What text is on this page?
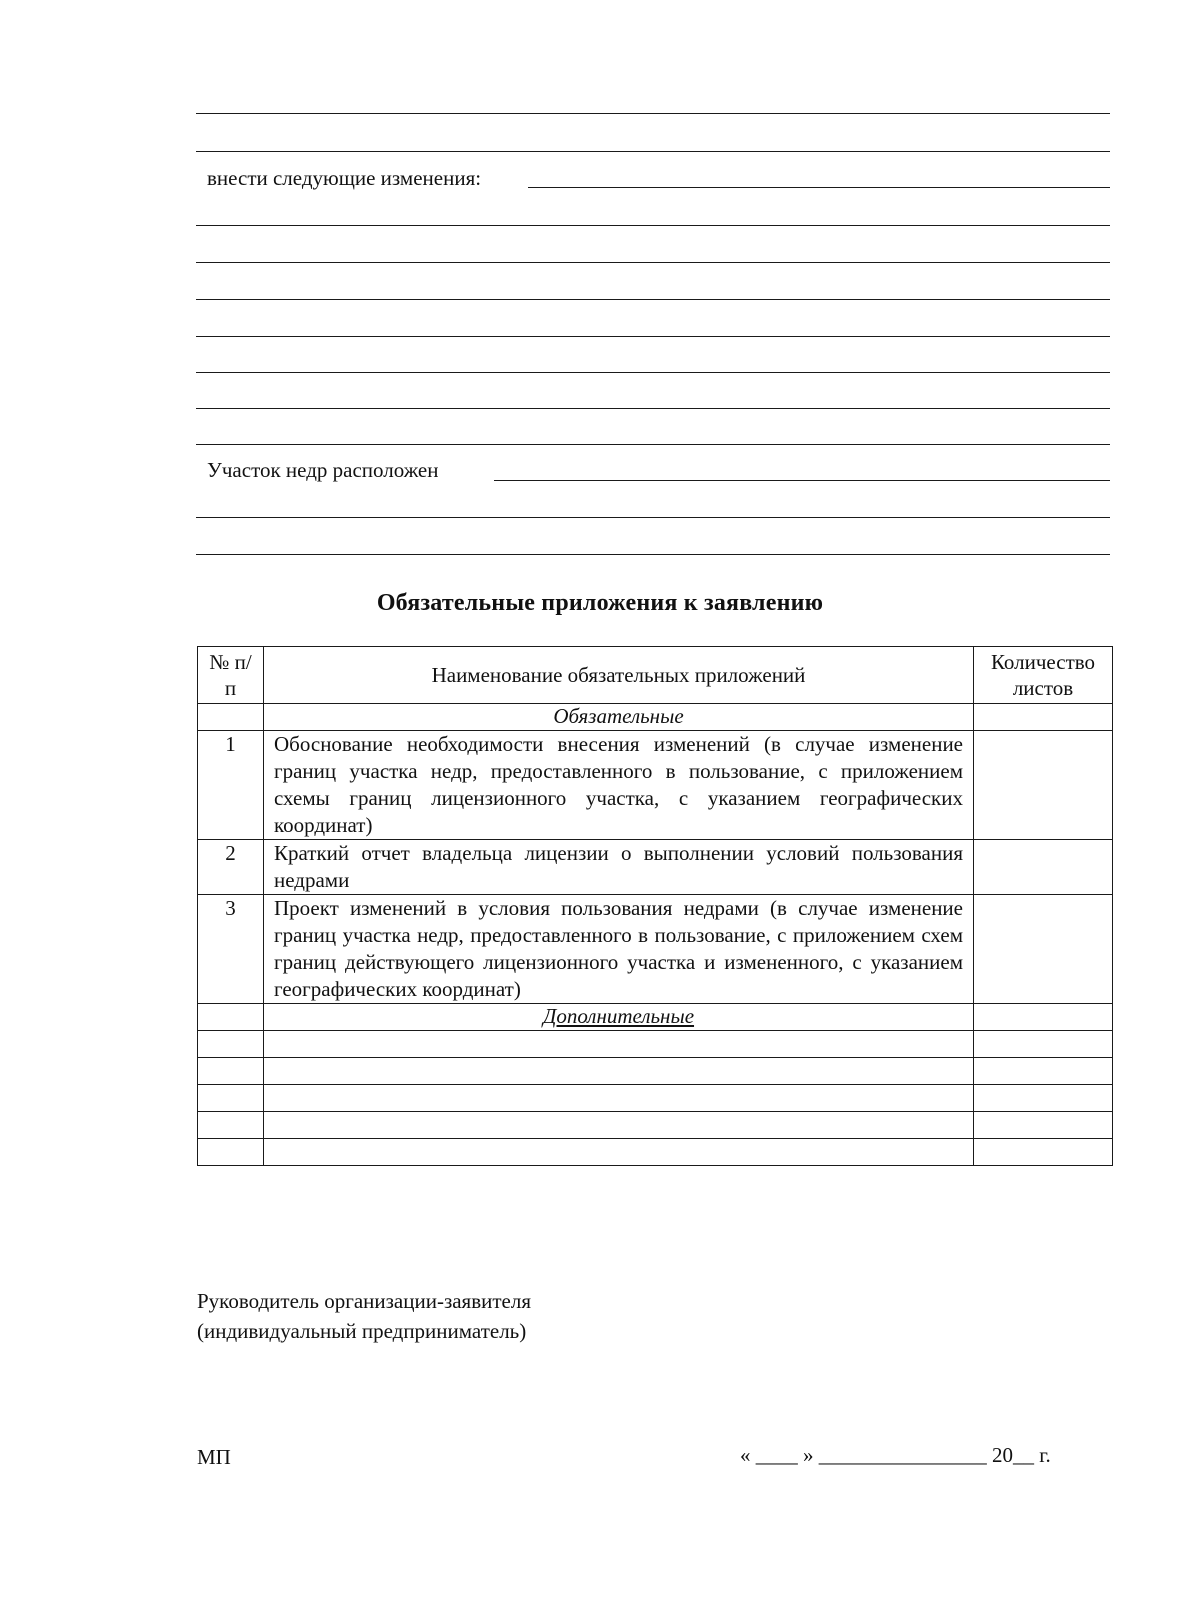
внести следующие изменения:
Участок недр расположен
Обязательные приложения к заявлению
№ п/п	Наименование обязательных приложений	Количество листов
	Обязательные	
1	Обоснование необходимости внесения изменений (в случае изменение границ участка недр, предоставленного в пользование, с приложением схемы границ лицензионного участка, с указанием географических координат)	
2	Краткий отчет владельца лицензии о выполнении условий пользования недрами	
3	Проект изменений в условия пользования недрами (в случае изменение границ участка недр, предоставленного в пользование, с приложением схем границ действующего лицензионного участка и измененного, с указанием географических координат)	
	Дополнительные	

Руководитель организации-заявителя
(индивидуальный предприниматель)
МП	« ____ » ________________ 20__ г.
